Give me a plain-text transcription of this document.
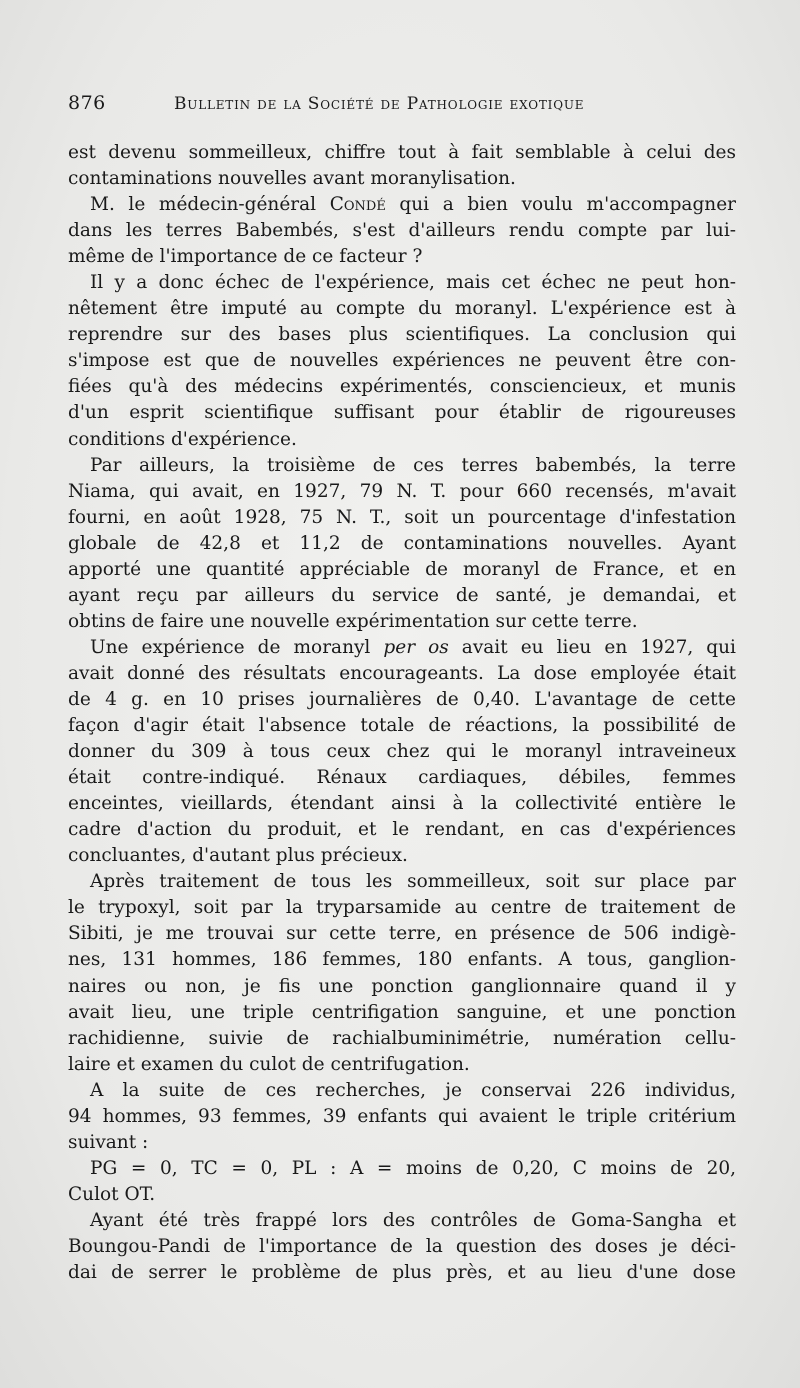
876	Bulletin de la Société de Pathologie exotique

est devenu sommeilleux, chiffre tout à fait semblable à celui des
contaminations nouvelles avant moranylisation.

M. le médecin-général Condé qui a bien voulu m'accompagner
dans les terres Babembés, s'est d'ailleurs rendu compte par lui-
même de l'importance de ce facteur ?

Il y a donc échec de l'expérience, mais cet échec ne peut hon-
nêtement être imputé au compte du moranyl. L'expérience est à
reprendre sur des bases plus scientifiques. La conclusion qui
s'impose est que de nouvelles expériences ne peuvent être con-
fiées qu'à des médecins expérimentés, consciencieux, et munis
d'un esprit scientifique suffisant pour établir de rigoureuses
conditions d'expérience.

Par ailleurs, la troisième de ces terres babembés, la terre
Niama, qui avait, en 1927, 79 N. T. pour 660 recensés, m'avait
fourni, en août 1928, 75 N. T., soit un pourcentage d'infestation
globale de 42,8 et 11,2 de contaminations nouvelles. Ayant
apporté une quantité appréciable de moranyl de France, et en
ayant reçu par ailleurs du service de santé, je demandai, et
obtins de faire une nouvelle expérimentation sur cette terre.

Une expérience de moranyl per os avait eu lieu en 1927, qui
avait donné des résultats encourageants. La dose employée était
de 4 g. en 10 prises journalières de 0,40. L'avantage de cette
façon d'agir était l'absence totale de réactions, la possibilité de
donner du 309 à tous ceux chez qui le moranyl intraveineux
était contre-indiqué. Rénaux cardiaques, débiles, femmes
enceintes, vieillards, étendant ainsi à la collectivité entière le
cadre d'action du produit, et le rendant, en cas d'expériences
concluantes, d'autant plus précieux.

Après traitement de tous les sommeilleux, soit sur place par
le trypoxyl, soit par la tryparsamide au centre de traitement de
Sibiti, je me trouvai sur cette terre, en présence de 506 indigè-
nes, 131 hommes, 186 femmes, 180 enfants. A tous, ganglion-
naires ou non, je fis une ponction ganglionnaire quand il y
avait lieu, une triple centrifigation sanguine, et une ponction
rachidienne, suivie de rachialbuminimétrie, numération cellu-
laire et examen du culot de centrifugation.

A la suite de ces recherches, je conservai 226 individus,
94 hommes, 93 femmes, 39 enfants qui avaient le triple critérium
suivant :

PG = 0, TC = 0, PL : A = moins de 0,20, C moins de 20,
Culot OT.

Ayant été très frappé lors des contrôles de Goma-Sangha et
Boungou-Pandi de l'importance de la question des doses je déci-
dai de serrer le problème de plus près, et au lieu d'une dose
